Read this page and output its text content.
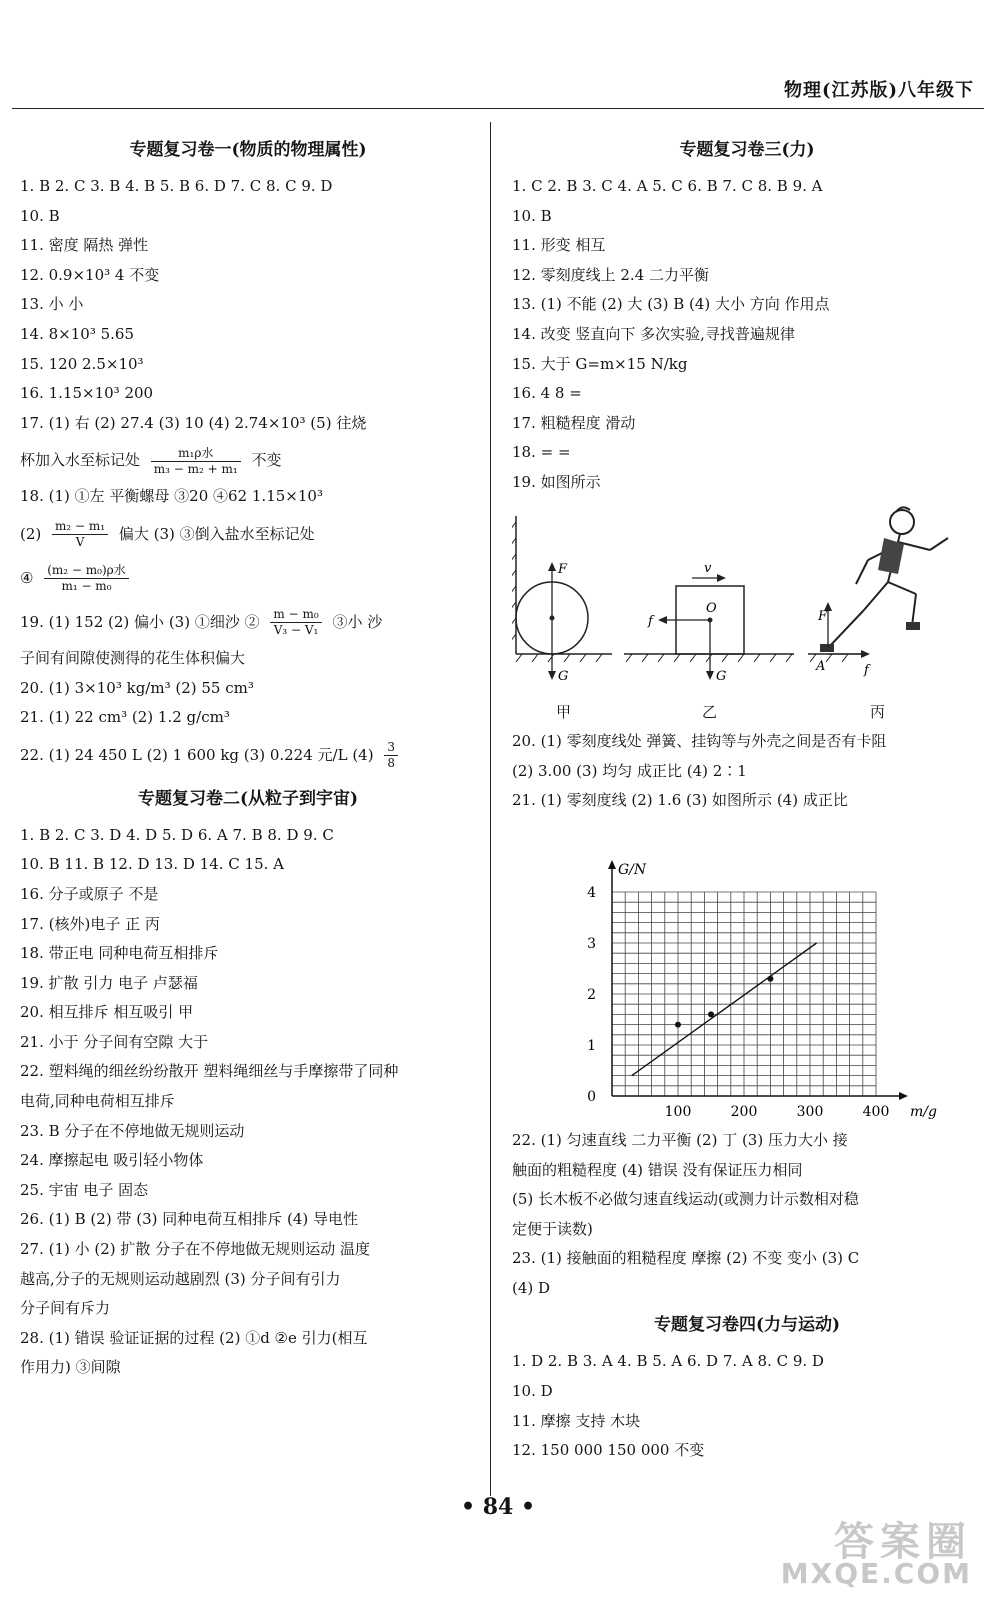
物理(江苏版)八年级下
专题复习卷一(物质的物理属性)
1. B 2. C 3. B 4. B 5. B 6. D 7. C 8. C 9. D
10. B
11. 密度 隔热 弹性
12. 0.9×10³ 4 不变
13. 小 小
14. 8×10³ 5.65
15. 120 2.5×10³
16. 1.15×10³ 200
17. (1) 右 (2) 27.4 (3) 10 (4) 2.74×10³ (5) 往烧
杯加入水至标记处 $\frac{\text{m₁ρ水}}{\text{m₃ − m₂ + m₁}}$ 不变
18. (1) ①左 平衡螺母 ③20 ④62 1.15×10³
$(2) \frac{\text{m₂ − m₁}}{V}$ 偏大 (3) ③倒入盐水至标记处
④ $\frac{\text{(m₂ − m₀)ρ水}}{\text{m₁ − m₀}}$
19. (1) 152 (2) 偏小 (3) ①细沙 ② $\frac{\text{m − m₀}}{\text{V₃ − V₁}}$ ③小 沙
子间有间隙使测得的花生体积偏大
20. (1) 3×10³ kg/m³ (2) 55 cm³
21. (1) 22 cm³ (2) 1.2 g/cm³
22. (1) 24 450 L (2) 1 600 kg (3) 0.224 元/L $(4) \frac{3}{8}$
专题复习卷二(从粒子到宇宙)
1. B 2. C 3. D 4. D 5. D 6. A 7. B 8. D 9. C
10. B 11. B 12. D 13. D 14. C 15. A
16. 分子或原子 不是
17. (核外)电子 正 丙
18. 带正电 同种电荷互相排斥
19. 扩散 引力 电子 卢瑟福
20. 相互排斥 相互吸引 甲
21. 小于 分子间有空隙 大于
22. 塑料绳的细丝纷纷散开 塑料绳细丝与手摩擦带了同种
电荷,同种电荷相互排斥
23. B 分子在不停地做无规则运动
24. 摩擦起电 吸引轻小物体
25. 宇宙 电子 固态
26. (1) B (2) 带 (3) 同种电荷互相排斥 (4) 导电性
27. (1) 小 (2) 扩散 分子在不停地做无规则运动 温度
越高,分子的无规则运动越剧烈 (3) 分子间有引力
分子间有斥力
28. (1) 错误 验证证据的过程 (2) ①d ②e 引力(相互
作用力) ③间隙
专题复习卷三(力)
1. C 2. B 3. C 4. A 5. C 6. B 7. C 8. B 9. A
10. B
11. 形变 相互
12. 零刻度线上 2.4 二力平衡
13. (1) 不能 (2) 大 (3) B (4) 大小 方向 作用点
14. 改变 竖直向下 多次实验,寻找普遍规律
15. 大于 G=m×15 N/kg
16. 4 8 =
17. 粗糙程度 滑动
18. = =
19. 如图所示
F
G
O
v
f
G
F
f
A
甲	乙	丙
20. (1) 零刻度线处 弹簧、挂钩等与外壳之间是否有卡阻
(2) 3.00 (3) 均匀 成正比 (4) 2∶1
21. (1) 零刻度线 (2) 1.6 (3) 如图所示 (4) 成正比
0
1
2
3
4
100	200	300	400
G/N
m/g
22. (1) 匀速直线 二力平衡 (2) 丁 (3) 压力大小 接
触面的粗糙程度 (4) 错误 没有保证压力相同
(5) 长木板不必做匀速直线运动(或测力计示数相对稳
定便于读数)
23. (1) 接触面的粗糙程度 摩擦 (2) 不变 变小 (3) C
(4) D
专题复习卷四(力与运动)
1. D 2. B 3. A 4. B 5. A 6. D 7. A 8. C 9. D
10. D
11. 摩擦 支持 木块
12. 150 000 150 000 不变
• 84 •
答案圈
MXQE.COM
